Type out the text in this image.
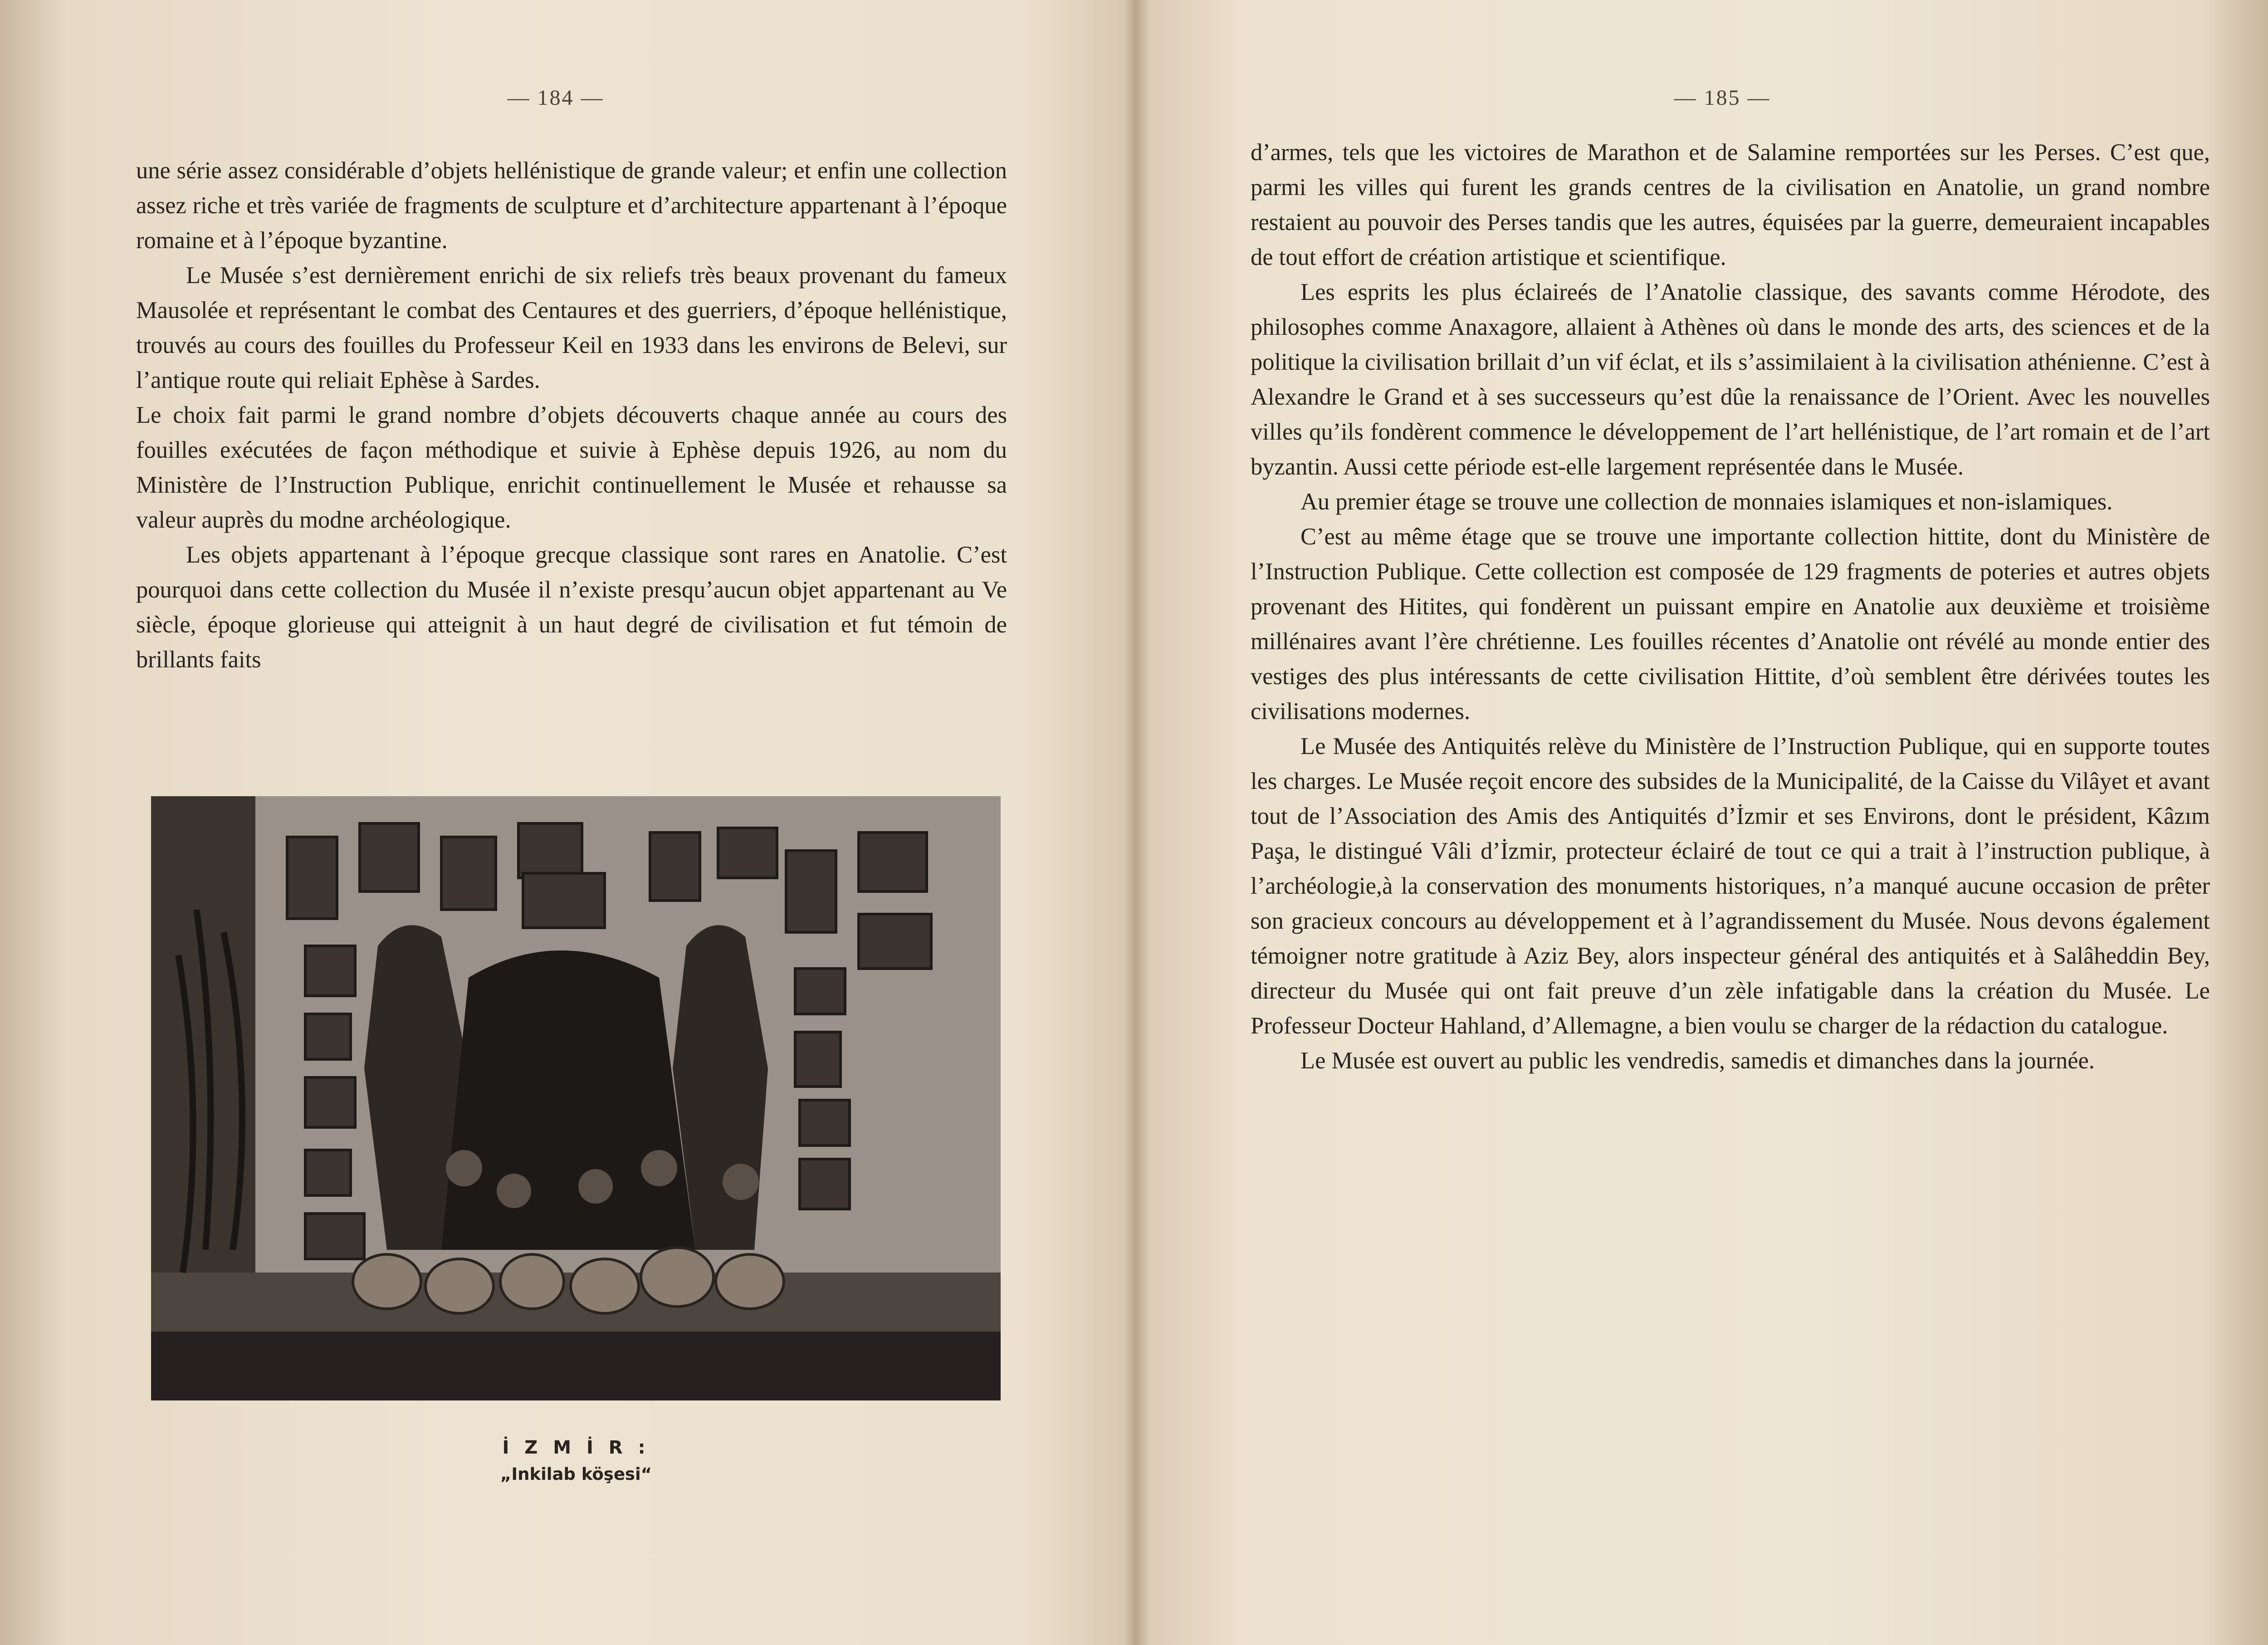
— 184 —

une série assez considérable d’objets hellénistique de grande valeur; et enfin une collection assez riche et très variée de fragments de sculpture et d’architecture appartenant à l’époque romaine et à l’époque byzantine.

Le Musée s’est dernièrement enrichi de six reliefs très beaux provenant du fameux Mausolée et représentant le combat des Centaures et des guerriers, d’époque hellénistique, trouvés au cours des fouilles du Professeur Keil en 1933 dans les environs de Belevi, sur l’antique route qui reliait Ephèse à Sardes.

Le choix fait parmi le grand nombre d’objets découverts chaque année au cours des fouilles exécutées de façon méthodique et suivie à Ephèse depuis 1926, au nom du Ministère de l’Instruction Publique, enrichit continuellement le Musée et rehausse sa valeur auprès du modne archéologique.

Les objets appartenant à l’époque grecque classique sont rares en Anatolie. C’est pourquoi dans cette collection du Musée il n’existe presqu’aucun objet appartenant au Ve siècle, époque glorieuse qui atteignit à un haut degré de civilisation et fut témoin de brillants faits

İ Z M İ R :
„Inkilab köşesi“
— 185 —

d’armes, tels que les victoires de Marathon et de Salamine remportées sur les Perses. C’est que, parmi les villes qui furent les grands centres de la civilisation en Anatolie, un grand nombre restaient au pouvoir des Perses tandis que les autres, équisées par la guerre, demeuraient incapables de tout effort de création artistique et scientifique.

Les esprits les plus éclaireés de l’Anatolie classique, des savants comme Hérodote, des philosophes comme Anaxagore, allaient à Athènes où dans le monde des arts, des sciences et de la politique la civilisation brillait d’un vif éclat, et ils s’assimilaient à la civilisation athénienne. C’est à Alexandre le Grand et à ses successeurs qu’est dûe la renaissance de l’Orient. Avec les nouvelles villes qu’ils fondèrent commence le développement de l’art hellénistique, de l’art romain et de l’art byzantin. Aussi cette période est-elle largement représentée dans le Musée.

Au premier étage se trouve une collection de monnaies islamiques et non-islamiques.

C’est au même étage que se trouve une importante collection hittite, dont du Ministère de l’Instruction Publique. Cette collection est composée de 129 fragments de poteries et autres objets provenant des Hitites, qui fondèrent un puissant empire en Anatolie aux deuxième et troisième millénaires avant l’ère chrétienne. Les fouilles récentes d’Anatolie ont révélé au monde entier des vestiges des plus intéressants de cette civilisation Hittite, d’où semblent être dérivées toutes les civilisations modernes.

Le Musée des Antiquités relève du Ministère de l’Instruction Publique, qui en supporte toutes les charges. Le Musée reçoit encore des subsides de la Municipalité, de la Caisse du Vilâyet et avant tout de l’Association des Amis des Antiquités d’İzmir et ses Environs, dont le président, Kâzım Paşa, le distingué Vâli d’İzmir, protecteur éclairé de tout ce qui a trait à l’instruction publique, à l’archéologie,à la conservation des monuments historiques, n’a manqué aucune occasion de prêter son gracieux concours au développement et à l’agrandissement du Musée. Nous devons également témoigner notre gratitude à Aziz Bey, alors inspecteur général des antiquités et à Salâheddin Bey, directeur du Musée qui ont fait preuve d’un zèle infatigable dans la création du Musée. Le Professeur Docteur Hahland, d’Allemagne, a bien voulu se charger de la rédaction du catalogue.

Le Musée est ouvert au public les vendredis, samedis et dimanches dans la journée.
